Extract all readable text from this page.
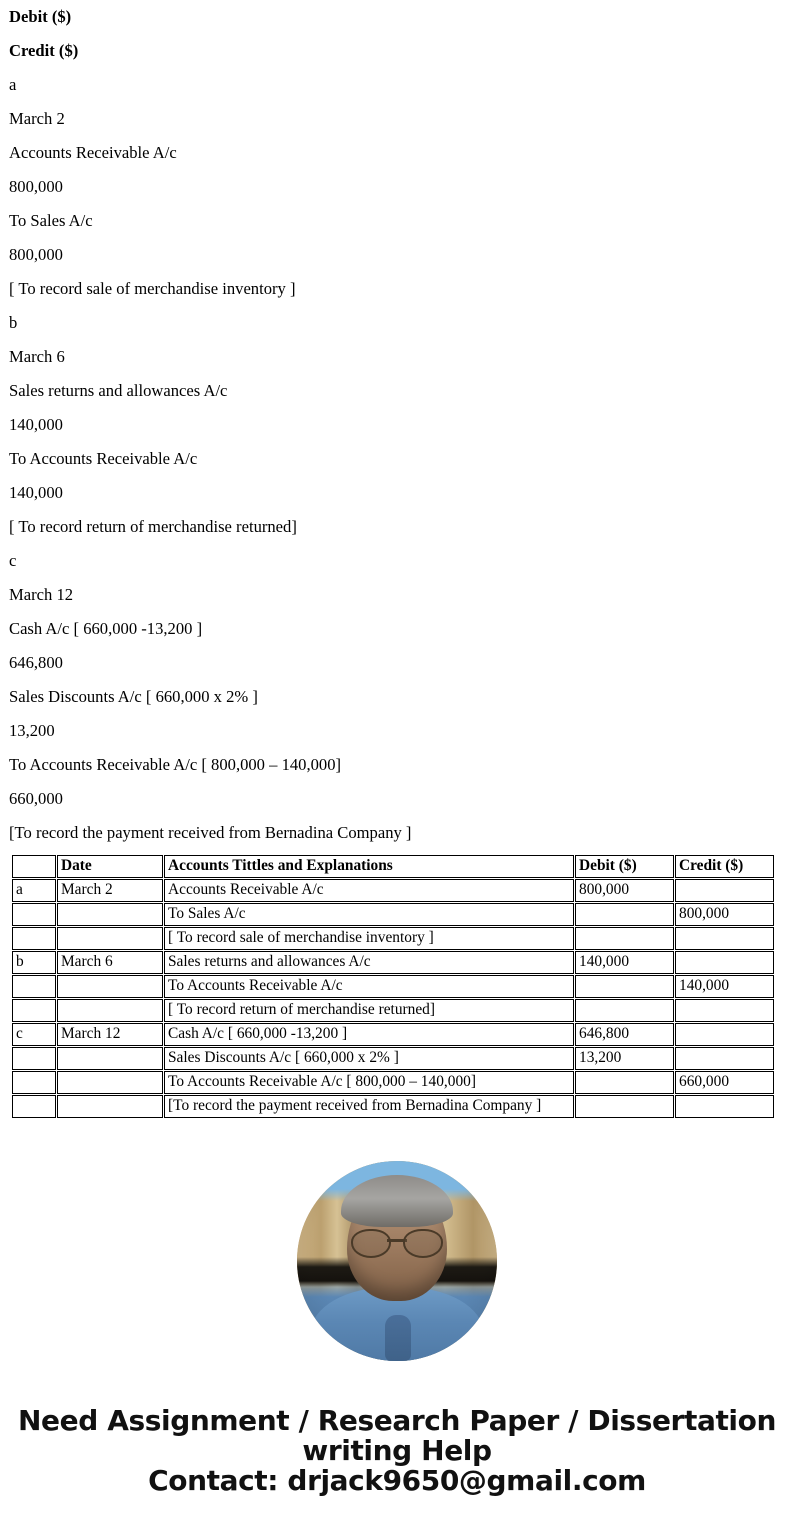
Debit ($)
Credit ($)
a
March 2
Accounts Receivable A/c
800,000
To Sales A/c
800,000
[ To record sale of merchandise inventory ]
b
March 6
Sales returns and allowances A/c
140,000
To Accounts Receivable A/c
140,000
[ To record return of merchandise returned]
c
March 12
Cash A/c [ 660,000 -13,200 ]
646,800
Sales Discounts A/c [ 660,000 x 2% ]
13,200
To Accounts Receivable A/c [ 800,000 – 140,000]
660,000
[To record the payment received from Bernadina Company ]
	Date	Accounts Tittles and Explanations	Debit ($)	Credit ($)
a	March 2	Accounts Receivable A/c	800,000	
		To Sales A/c		800,000
		[ To record sale of merchandise inventory ]		
b	March 6	Sales returns and allowances A/c	140,000	
		To Accounts Receivable A/c		140,000
		[ To record return of merchandise returned]		
c	March 12	Cash A/c [ 660,000 -13,200 ]	646,800	
		Sales Discounts A/c [ 660,000 x 2% ]	13,200	
		To Accounts Receivable A/c [ 800,000 – 140,000]		660,000
		[To record the payment received from Bernadina Company ]		
Need Assignment / Research Paper / Dissertation
writing Help
Contact: drjack9650@gmail.com
